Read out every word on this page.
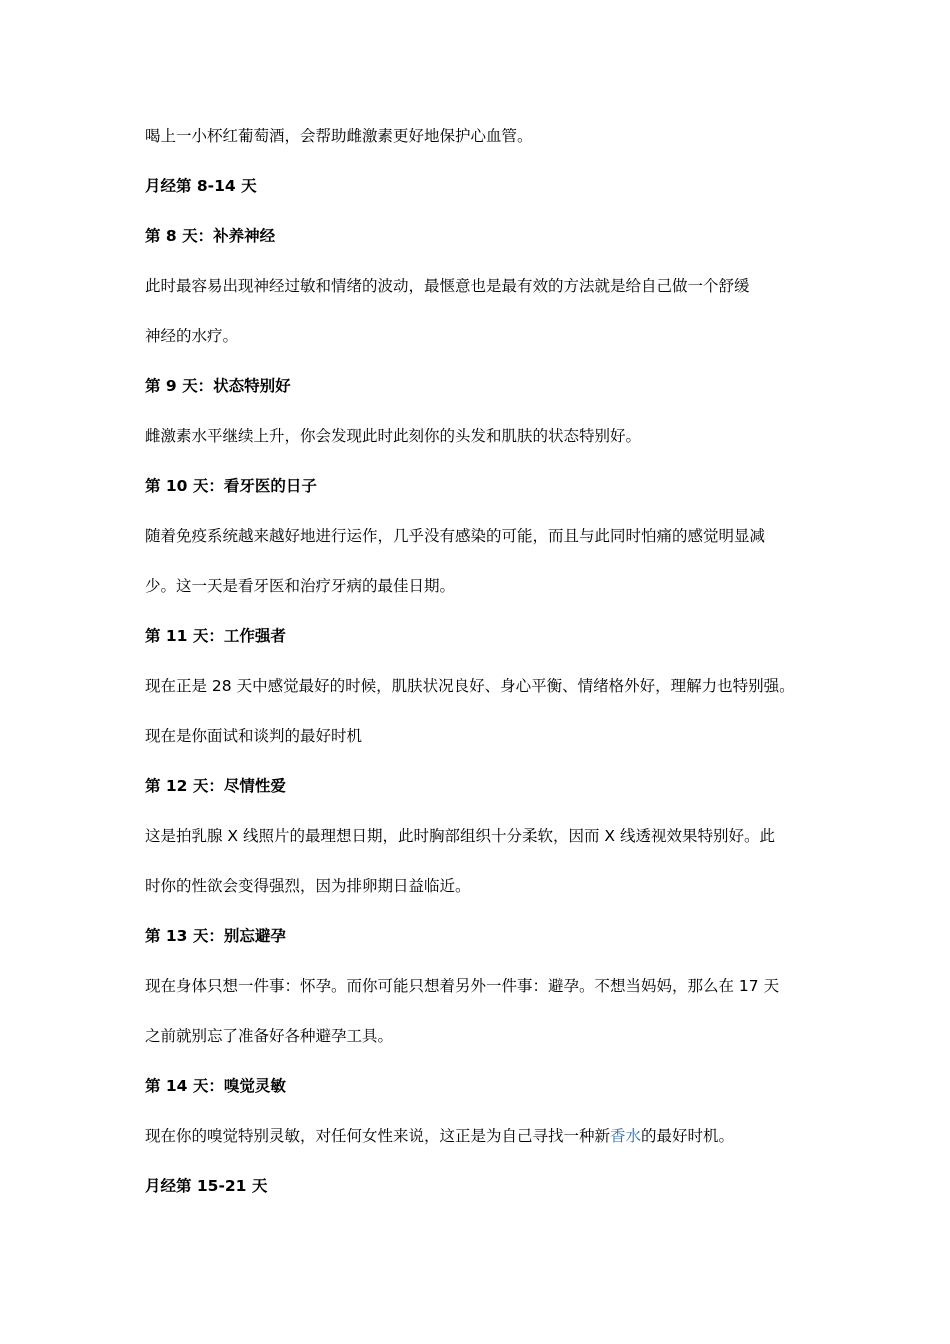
喝上一小杯红葡萄酒，会帮助雌激素更好地保护心血管。
月经第 8-14 天
第 8 天：补养神经
此时最容易出现神经过敏和情绪的波动，最惬意也是最有效的方法就是给自己做一个舒缓
神经的水疗。
第 9 天：状态特别好
雌激素水平继续上升，你会发现此时此刻你的头发和肌肤的状态特别好。
第 10 天：看牙医的日子
随着免疫系统越来越好地进行运作，几乎没有感染的可能，而且与此同时怕痛的感觉明显减
少。这一天是看牙医和治疗牙病的最佳日期。
第 11 天：工作强者
现在正是 28 天中感觉最好的时候，肌肤状况良好、身心平衡、情绪格外好，理解力也特别强。
现在是你面试和谈判的最好时机
第 12 天：尽情性爱
这是拍乳腺 X 线照片的最理想日期，此时胸部组织十分柔软，因而 X 线透视效果特别好。此
时你的性欲会变得强烈，因为排卵期日益临近。
第 13 天：别忘避孕
现在身体只想一件事：怀孕。而你可能只想着另外一件事：避孕。不想当妈妈，那么在 17 天
之前就别忘了准备好各种避孕工具。
第 14 天：嗅觉灵敏
现在你的嗅觉特别灵敏，对任何女性来说，这正是为自己寻找一种新香水的最好时机。
月经第 15-21 天
